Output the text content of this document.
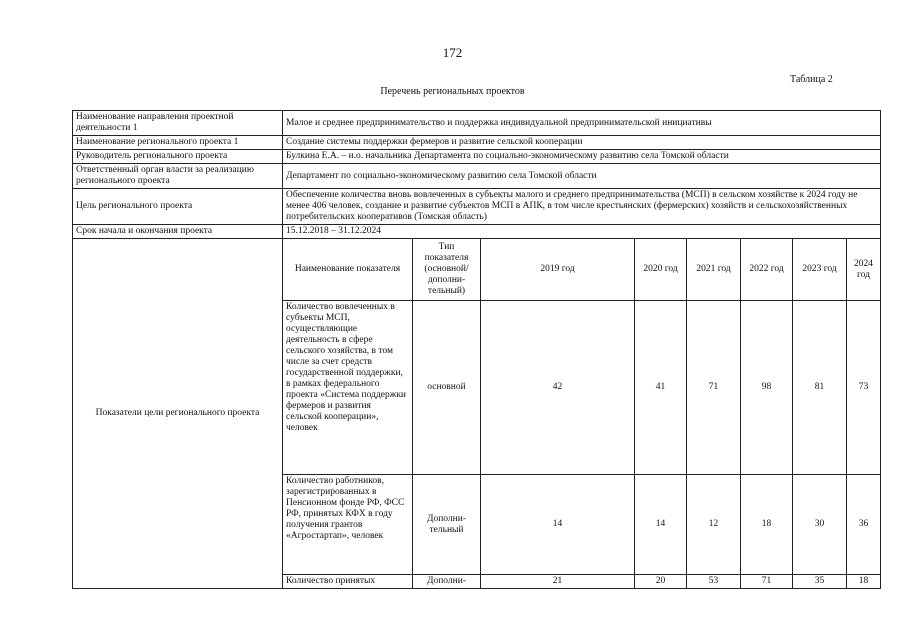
172
Таблица 2
Перечень региональных проектов
Наименование направления проектной деятельности 1	Малое и среднее предпринимательство и поддержка индивидуальной предпринимательской инициативы							
Наименование регионального проекта 1	Создание системы поддержки фермеров и развитие сельской кооперации							
Руководитель регионального проекта	Булкина Е.А. – и.о. начальника Департамента по социально-экономическому развитию села Томской области							
Ответственный орган власти за реализацию регионального проекта	Департамент по социально-экономическому развитию села Томской области							
Цель регионального проекта	Обеспечение количества вновь вовлеченных в субъекты малого и среднего предпринимательства (МСП) в сельском хозяйстве к 2024 году не менее 406 человек, создание и развитие субъектов МСП в АПК, в том числе крестьянских (фермерских) хозяйств и сельскохозяйственных потребительских кооперативов (Томская область)							
Срок начала и окончания проекта	15.12.2018 – 31.12.2024							
Показатели цели регионального проекта	Наименование показателя	Тип показателя (основной/ дополни-тельный)	2019 год	2020 год	2021 год	2022 год	2023 год	2024 год
	Количество вовлеченных в субъекты МСП, осуществляющие деятельность в сфере сельского хозяйства, в том числе за счет средств государственной поддержки, в рамках федерального проекта «Система поддержки фермеров и развития сельской кооперации», человек	основной	42	41	71	98	81	73
	Количество работников, зарегистрированных в Пенсионном фонде РФ, ФСС РФ, принятых КФХ в году получения грантов «Агростартап», человек	Дополни-тельный	14	14	12	18	30	36
	Количество принятых	Дополни-	21	20	53	71	35	18
